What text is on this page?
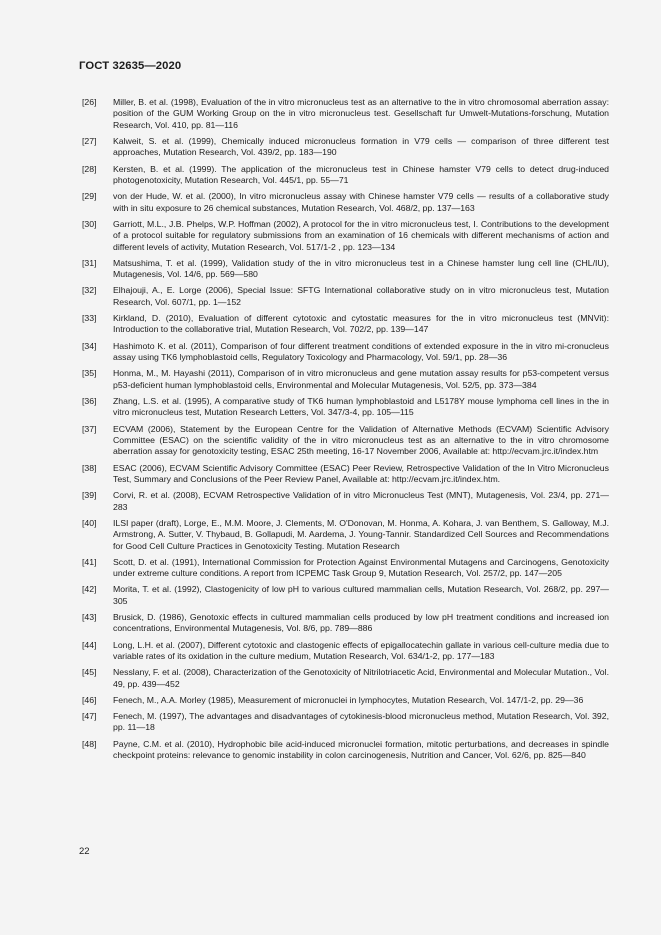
ГОСТ 32635—2020
[26] Miller, B. et al. (1998), Evaluation of the in vitro micronucleus test as an alternative to the in vitro chromosomal aberration assay: position of the GUM Working Group on the in vitro micronucleus test. Gesellschaft fur Umwelt-Mutations-forschung, Mutation Research, Vol. 410, pp. 81—116
[27] Kalweit, S. et al. (1999), Chemically induced micronucleus formation in V79 cells — comparison of three different test approaches, Mutation Research, Vol. 439/2, pp. 183—190
[28] Kersten, B. et al. (1999). The application of the micronucleus test in Chinese hamster V79 cells to detect drug-induced photogenotoxicity, Mutation Research, Vol. 445/1, pp. 55—71
[29] von der Hude, W. et al. (2000), In vitro micronucleus assay with Chinese hamster V79 cells — results of a collaborative study with in situ exposure to 26 chemical substances, Mutation Research, Vol. 468/2, pp. 137—163
[30] Garriott, M.L., J.B. Phelps, W.P. Hoffman (2002), A protocol for the in vitro micronucleus test, I. Contributions to the development of a protocol suitable for regulatory submissions from an examination of 16 chemicals with different mechanisms of action and different levels of activity, Mutation Research, Vol. 517/1-2 , pp. 123—134
[31] Matsushima, T. et al. (1999), Validation study of the in vitro micronucleus test in a Chinese hamster lung cell line (CHL/IU), Mutagenesis, Vol. 14/6, pp. 569—580
[32] Elhajouji, A., E. Lorge (2006), Special Issue: SFTG International collaborative study on in vitro micronucleus test, Mutation Research, Vol. 607/1, pp. 1—152
[33] Kirkland, D. (2010), Evaluation of different cytotoxic and cytostatic measures for the in vitro micronucleus test (MNVit): Introduction to the collaborative trial, Mutation Research, Vol. 702/2, pp. 139—147
[34] Hashimoto K. et al. (2011), Comparison of four different treatment conditions of extended exposure in the in vitro mi-cronucleus assay using TK6 lymphoblastoid cells, Regulatory Toxicology and Pharmacology, Vol. 59/1, pp. 28—36
[35] Honma, M., M. Hayashi (2011), Comparison of in vitro micronucleus and gene mutation assay results for p53-competent versus p53-deficient human lymphoblastoid cells, Environmental and Molecular Mutagenesis, Vol. 52/5, pp. 373—384
[36] Zhang, L.S. et al. (1995), A comparative study of TK6 human lymphoblastoid and L5178Y mouse lymphoma cell lines in the in vitro micronucleus test, Mutation Research Letters, Vol. 347/3-4, pp. 105—115
[37] ECVAM (2006), Statement by the European Centre for the Validation of Alternative Methods (ECVAM) Scientific Advisory Committee (ESAC) on the scientific validity of the in vitro micronucleus test as an alternative to the in vitro chromosome aberration assay for genotoxicity testing, ESAC 25th meeting, 16-17 November 2006, Available at: http://ecvam.jrc.it/index.htm
[38] ESAC (2006), ECVAM Scientific Advisory Committee (ESAC) Peer Review, Retrospective Validation of the In Vitro Micronucleus Test, Summary and Conclusions of the Peer Review Panel, Available at: http://ecvam.jrc.it/index.htm.
[39] Corvi, R. et al. (2008), ECVAM Retrospective Validation of in vitro Micronucleus Test (MNT), Mutagenesis, Vol. 23/4, pp. 271—283
[40] ILSI paper (draft), Lorge, E., M.M. Moore, J. Clements, M. O'Donovan, M. Honma, A. Kohara, J. van Benthem, S. Galloway, M.J. Armstrong, A. Sutter, V. Thybaud, B. Gollapudi, M. Aardema, J. Young-Tannir. Standardized Cell Sources and Recommendations for Good Cell Culture Practices in Genotoxicity Testing. Mutation Research
[41] Scott, D. et al. (1991), International Commission for Protection Against Environmental Mutagens and Carcinogens, Genotoxicity under extreme culture conditions. A report from ICPEMC Task Group 9, Mutation Research, Vol. 257/2, pp. 147—205
[42] Morita, T. et al. (1992), Clastogenicity of low pH to various cultured mammalian cells, Mutation Research, Vol. 268/2, pp. 297—305
[43] Brusick, D. (1986), Genotoxic effects in cultured mammalian cells produced by low pH treatment conditions and increased ion concentrations, Environmental Mutagenesis, Vol. 8/6, pp. 789—886
[44] Long, L.H. et al. (2007), Different cytotoxic and clastogenic effects of epigallocatechin gallate in various cell-culture media due to variable rates of its oxidation in the culture medium, Mutation Research, Vol. 634/1-2, pp. 177—183
[45] Nesslany, F. et al. (2008), Characterization of the Genotoxicity of Nitrilotriacetic Acid, Environmental and Molecular Mutation., Vol. 49, pp. 439—452
[46] Fenech, M., A.A. Morley (1985), Measurement of micronuclei in lymphocytes, Mutation Research, Vol. 147/1-2, pp. 29—36
[47] Fenech, M. (1997), The advantages and disadvantages of cytokinesis-blood micronucleus method, Mutation Research, Vol. 392, pp. 11—18
[48] Payne, C.M. et al. (2010), Hydrophobic bile acid-induced micronuclei formation, mitotic perturbations, and decreases in spindle checkpoint proteins: relevance to genomic instability in colon carcinogenesis, Nutrition and Cancer, Vol. 62/6, pp. 825—840
22
